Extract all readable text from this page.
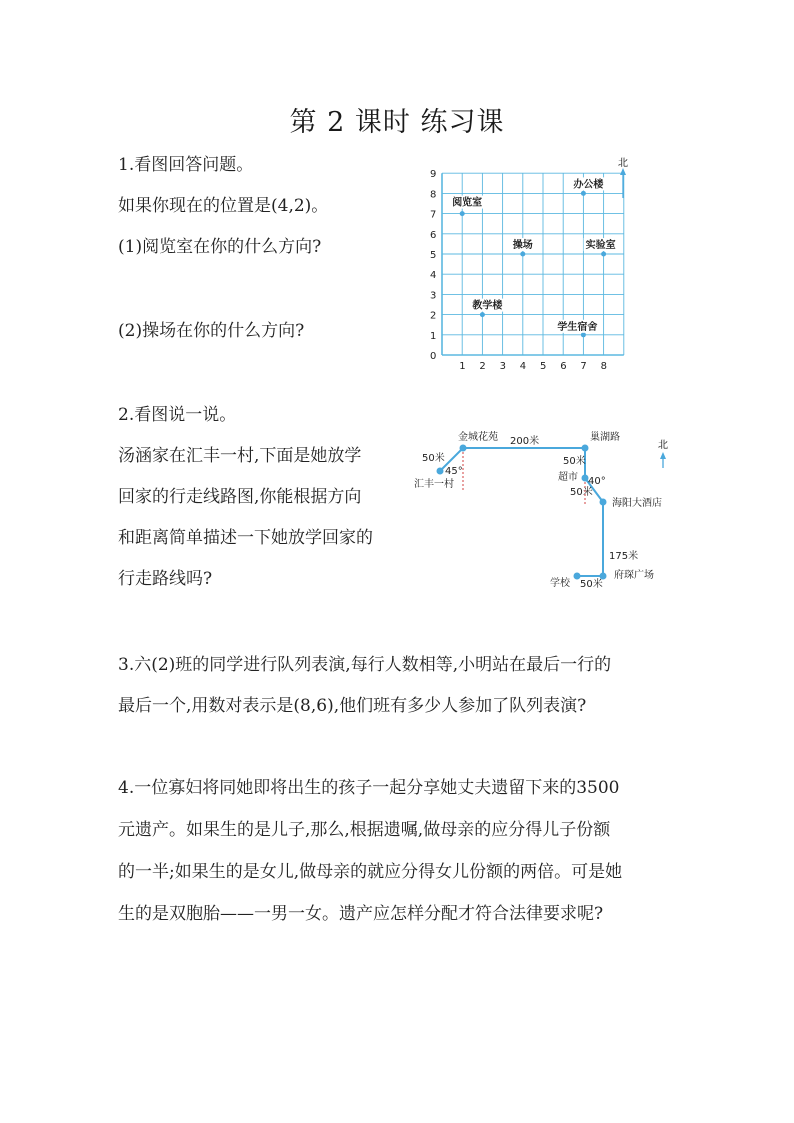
第 2 课时 练习课
1.看图回答问题。
如果你现在的位置是(4,2)。
(1)阅览室在你的什么方向?
(2)操场在你的什么方向?
0
1
2
3
4
5
6
7
8
9
1 2 3 4 5 6 7 8
阅览室
办公楼
操场	实验室
教学楼
学生宿舍
北
2.看图说一说。
汤涵家在汇丰一村,下面是她放学
回家的行走线路图,你能根据方向
和距离简单描述一下她放学回家的
行走路线吗?
金城花苑	巢湖路
汇丰一村
超市
海阳大酒店
府琛广场
学校
50米
200米
50米
50米
175米
50米
45°
40°
北
3.六(2)班的同学进行队列表演,每行人数相等,小明站在最后一行的
最后一个,用数对表示是(8,6),他们班有多少人参加了队列表演?
4.一位寡妇将同她即将出生的孩子一起分享她丈夫遗留下来的3500
元遗产。如果生的是儿子,那么,根据遗嘱,做母亲的应分得儿子份额
的一半;如果生的是女儿,做母亲的就应分得女儿份额的两倍。可是她
生的是双胞胎——一男一女。遗产应怎样分配才符合法律要求呢?
